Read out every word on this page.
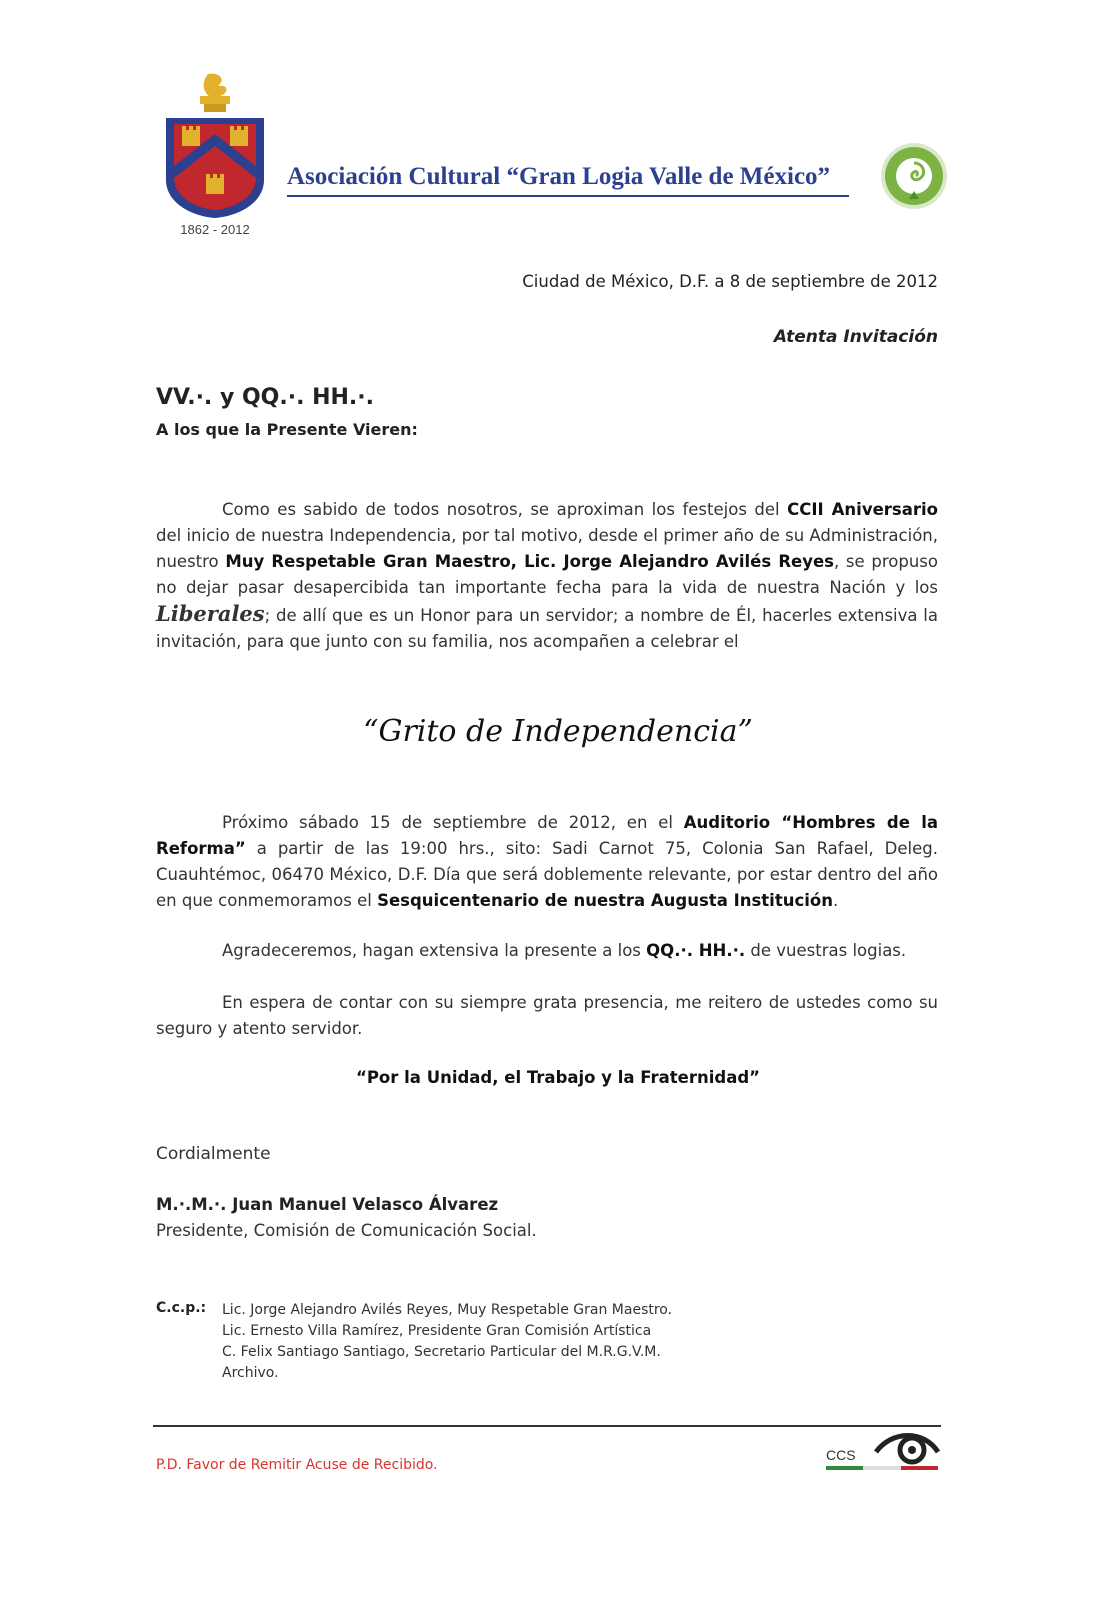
1862 - 2012
Asociación Cultural “Gran Logia Valle de México”
Ciudad de México, D.F. a 8 de septiembre de 2012
Atenta Invitación
VV.·. y QQ.·. HH.·.
A los que la Presente Vieren:
Como es sabido de todos nosotros, se aproximan los festejos del CCII Aniversario del inicio de nuestra Independencia, por tal motivo, desde el primer año de su Administración, nuestro Muy Respetable Gran Maestro, Lic. Jorge Alejandro Avilés Reyes, se propuso no dejar pasar desapercibida tan importante fecha para la vida de nuestra Nación y los Liberales; de allí que es un Honor para un servidor; a nombre de Él, hacerles extensiva la invitación, para que junto con su familia, nos acompañen a celebrar el
“Grito de Independencia”
Próximo sábado 15 de septiembre de 2012, en el Auditorio “Hombres de la Reforma” a partir de las 19:00 hrs., sito: Sadi Carnot 75, Colonia San Rafael, Deleg. Cuauhtémoc, 06470 México, D.F. Día que será doblemente relevante, por estar dentro del año en que conmemoramos el Sesquicentenario de nuestra Augusta Institución.
Agradeceremos, hagan extensiva la presente a los QQ.·. HH.·. de vuestras logias.
En espera de contar con su siempre grata presencia, me reitero de ustedes como su seguro y atento servidor.
“Por la Unidad, el Trabajo y la Fraternidad”
Cordialmente
M.·.M.·. Juan Manuel Velasco Álvarez
Presidente, Comisión de Comunicación Social.
C.c.p.: Lic. Jorge Alejandro Avilés Reyes, Muy Respetable Gran Maestro.
Lic. Ernesto Villa Ramírez, Presidente Gran Comisión Artística
C. Felix Santiago Santiago, Secretario Particular del M.R.G.V.M.
Archivo.
P.D. Favor de Remitir Acuse de Recibido.
CCS
